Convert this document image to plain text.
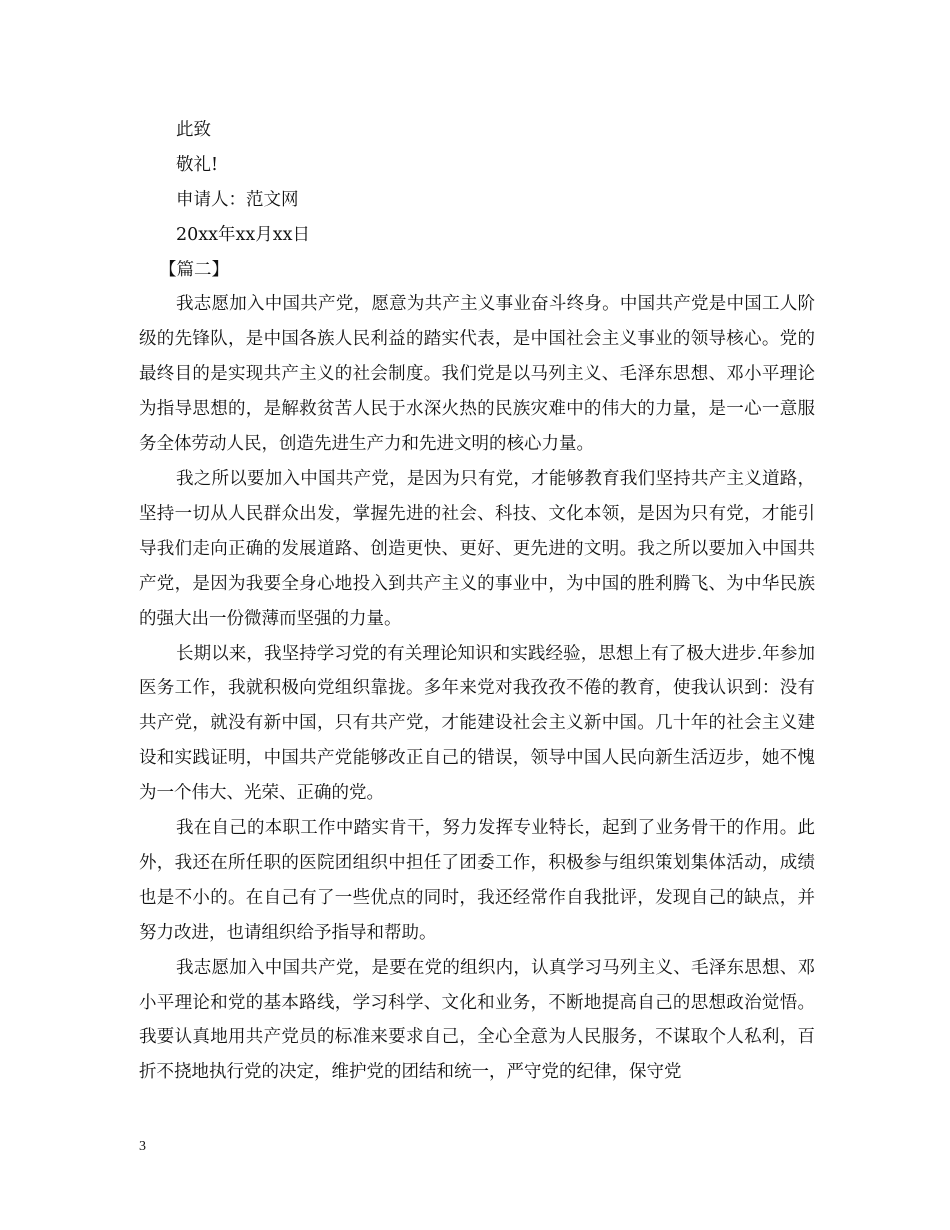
此致
敬礼!
申请人：范文网
20xx年xx月xx日
【篇二】

我志愿加入中国共产党，愿意为共产主义事业奋斗终身。中国共产党是中国工人阶级的先锋队，是中国各族人民利益的踏实代表，是中国社会主义事业的领导核心。党的最终目的是实现共产主义的社会制度。我们党是以马列主义、毛泽东思想、邓小平理论为指导思想的，是解救贫苦人民于水深火热的民族灾难中的伟大的力量，是一心一意服务全体劳动人民，创造先进生产力和先进文明的核心力量。

我之所以要加入中国共产党，是因为只有党，才能够教育我们坚持共产主义道路，坚持一切从人民群众出发，掌握先进的社会、科技、文化本领，是因为只有党，才能引导我们走向正确的发展道路、创造更快、更好、更先进的文明。我之所以要加入中国共产党，是因为我要全身心地投入到共产主义的事业中，为中国的胜利腾飞、为中华民族的强大出一份微薄而坚强的力量。

长期以来，我坚持学习党的有关理论知识和实践经验，思想上有了极大进步.年参加医务工作，我就积极向党组织靠拢。多年来党对我孜孜不倦的教育，使我认识到：没有共产党，就没有新中国，只有共产党，才能建设社会主义新中国。几十年的社会主义建设和实践证明，中国共产党能够改正自己的错误，领导中国人民向新生活迈步，她不愧为一个伟大、光荣、正确的党。

我在自己的本职工作中踏实肯干，努力发挥专业特长，起到了业务骨干的作用。此外，我还在所任职的医院团组织中担任了团委工作，积极参与组织策划集体活动，成绩也是不小的。在自己有了一些优点的同时，我还经常作自我批评，发现自己的缺点，并努力改进，也请组织给予指导和帮助。

我志愿加入中国共产党，是要在党的组织内，认真学习马列主义、毛泽东思想、邓小平理论和党的基本路线，学习科学、文化和业务，不断地提高自己的思想政治觉悟。我要认真地用共产党员的标准来要求自己，全心全意为人民服务，不谋取个人私利，百折不挠地执行党的决定，维护党的团结和统一，严守党的纪律，保守党

3
